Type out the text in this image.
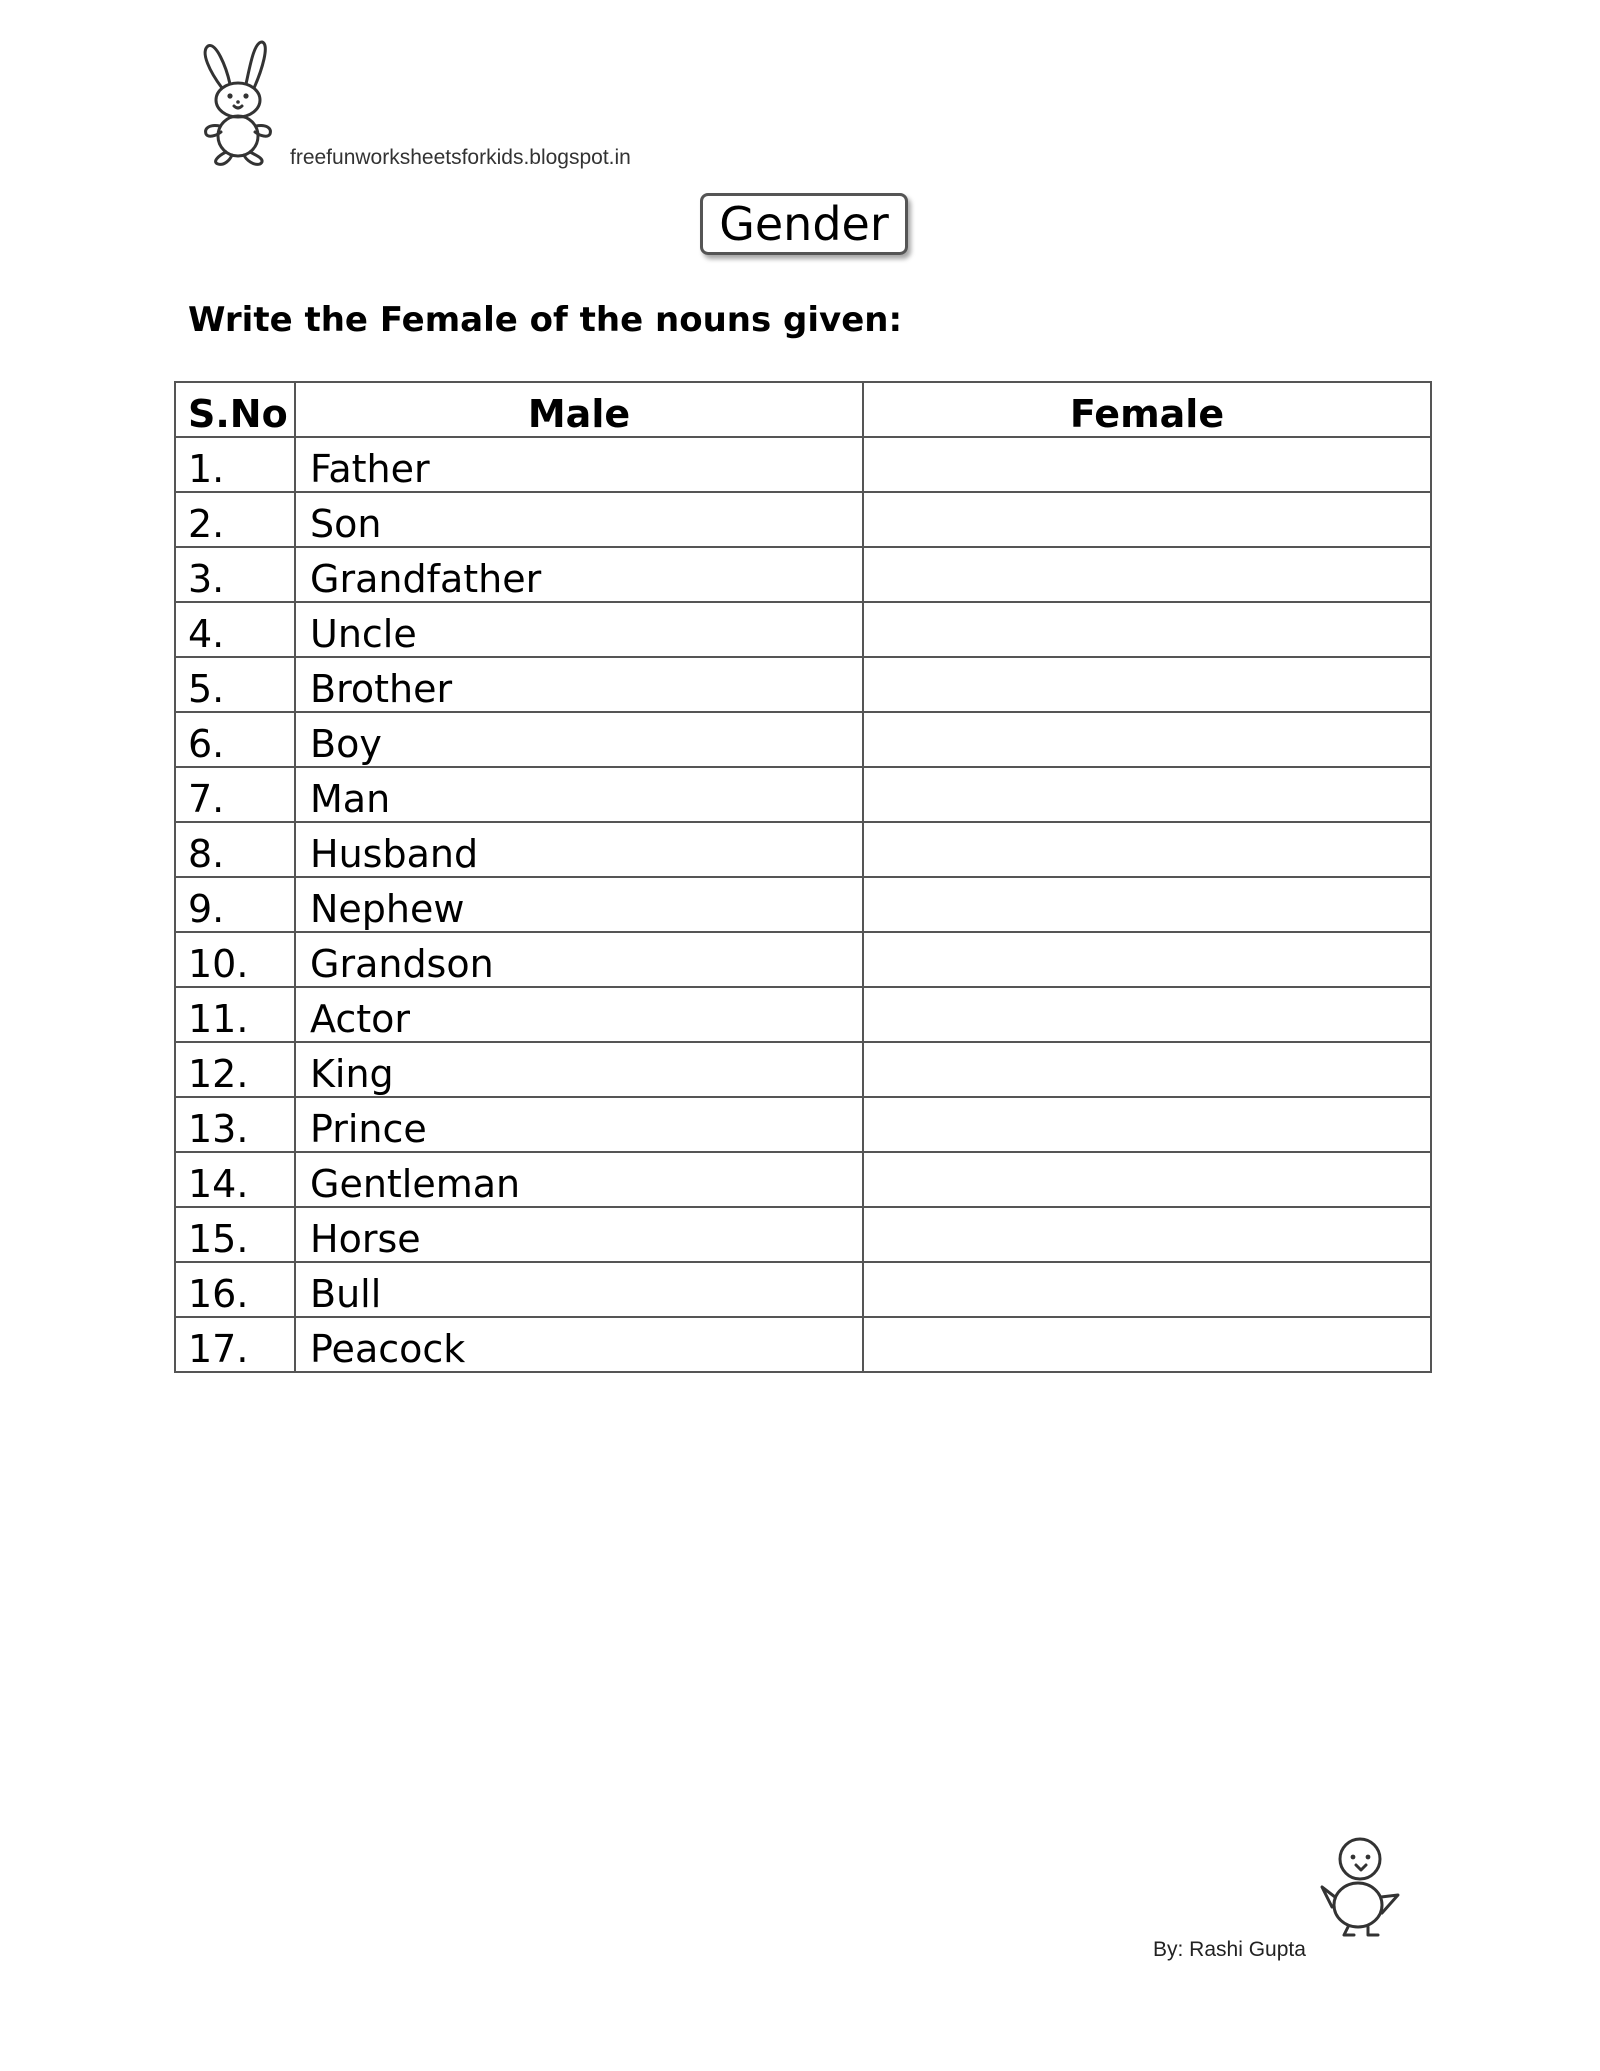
freefunworksheetsforkids.blogspot.in
Gender
Write the Female of the nouns given:
S.No	Male	Female
1.	Father	
2.	Son	
3.	Grandfather	
4.	Uncle	
5.	Brother	
6.	Boy	
7.	Man	
8.	Husband	
9.	Nephew	
10.	Grandson	
11.	Actor	
12.	King	
13.	Prince	
14.	Gentleman	
15.	Horse	
16.	Bull	
17.	Peacock	
By: Rashi Gupta
